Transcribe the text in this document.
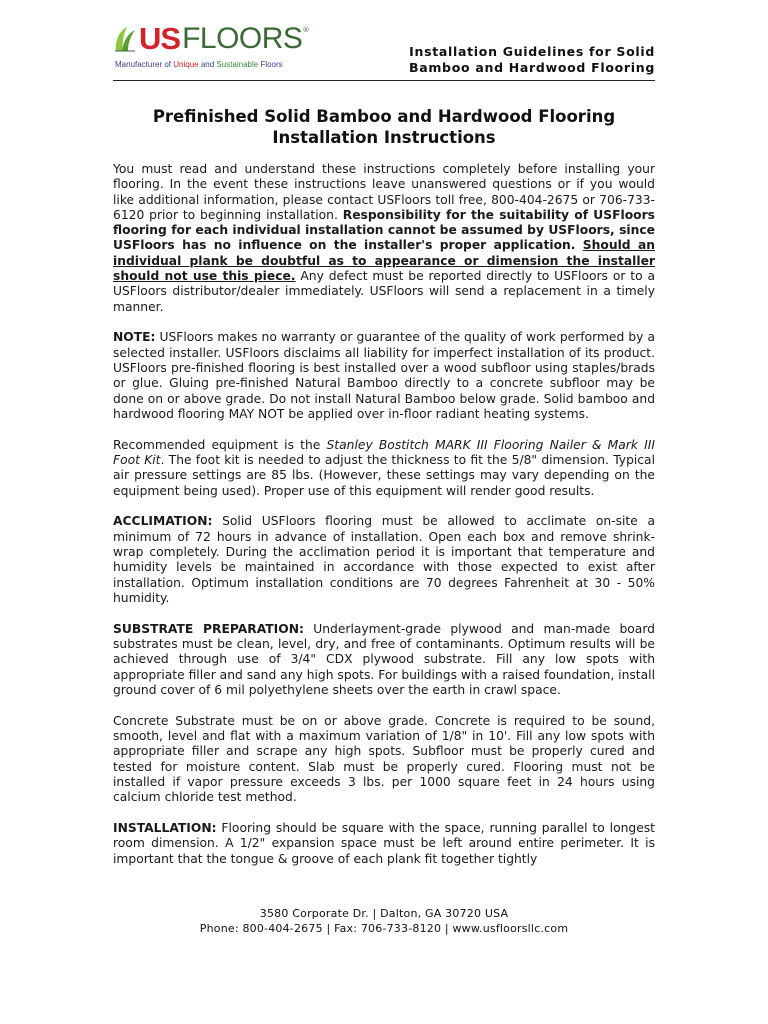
US FLOORS ®
Manufacturer of Unique and Sustainable Floors
Installation Guidelines for Solid
Bamboo and Hardwood Flooring
Prefinished Solid Bamboo and Hardwood Flooring
Installation Instructions

You must read and understand these instructions completely before installing your flooring. In the event these instructions leave unanswered questions or if you would like additional information, please contact USFloors toll free, 800-404-2675 or 706-733- 6120 prior to beginning installation. Responsibility for the suitability of USFloors flooring for each individual installation cannot be assumed by USFloors, since USFloors has no influence on the installer's proper application. Should an individual plank be doubtful as to appearance or dimension the installer should not use this piece. Any defect must be reported directly to USFloors or to a USFloors distributor/dealer immediately. USFloors will send a replacement in a timely manner.

NOTE: USFloors makes no warranty or guarantee of the quality of work performed by a selected installer. USFloors disclaims all liability for imperfect installation of its product. USFloors pre-finished flooring is best installed over a wood subfloor using staples/brads or glue. Gluing pre-finished Natural Bamboo directly to a concrete subfloor may be done on or above grade. Do not install Natural Bamboo below grade. Solid bamboo and hardwood flooring MAY NOT be applied over in-floor radiant heating systems.

Recommended equipment is the Stanley Bostitch MARK III Flooring Nailer & Mark III Foot Kit. The foot kit is needed to adjust the thickness to fit the 5/8" dimension. Typical air pressure settings are 85 lbs. (However, these settings may vary depending on the equipment being used). Proper use of this equipment will render good results.

ACCLIMATION: Solid USFloors flooring must be allowed to acclimate on-site a minimum of 72 hours in advance of installation. Open each box and remove shrink-wrap completely. During the acclimation period it is important that temperature and humidity levels be maintained in accordance with those expected to exist after installation. Optimum installation conditions are 70 degrees Fahrenheit at 30 - 50% humidity.

SUBSTRATE PREPARATION: Underlayment-grade plywood and man-made board substrates must be clean, level, dry, and free of contaminants. Optimum results will be achieved through use of 3/4" CDX plywood substrate. Fill any low spots with appropriate filler and sand any high spots. For buildings with a raised foundation, install ground cover of 6 mil polyethylene sheets over the earth in crawl space.

Concrete Substrate must be on or above grade. Concrete is required to be sound, smooth, level and flat with a maximum variation of 1/8" in 10'. Fill any low spots with appropriate filler and scrape any high spots. Subfloor must be properly cured and tested for moisture content. Slab must be properly cured. Flooring must not be installed if vapor pressure exceeds 3 lbs. per 1000 square feet in 24 hours using calcium chloride test method.

INSTALLATION: Flooring should be square with the space, running parallel to longest room dimension. A 1/2" expansion space must be left around entire perimeter. It is important that the tongue & groove of each plank fit together tightly

3580 Corporate Dr. | Dalton, GA 30720 USA
Phone: 800-404-2675 | Fax: 706-733-8120 | www.usfloorsllc.com
